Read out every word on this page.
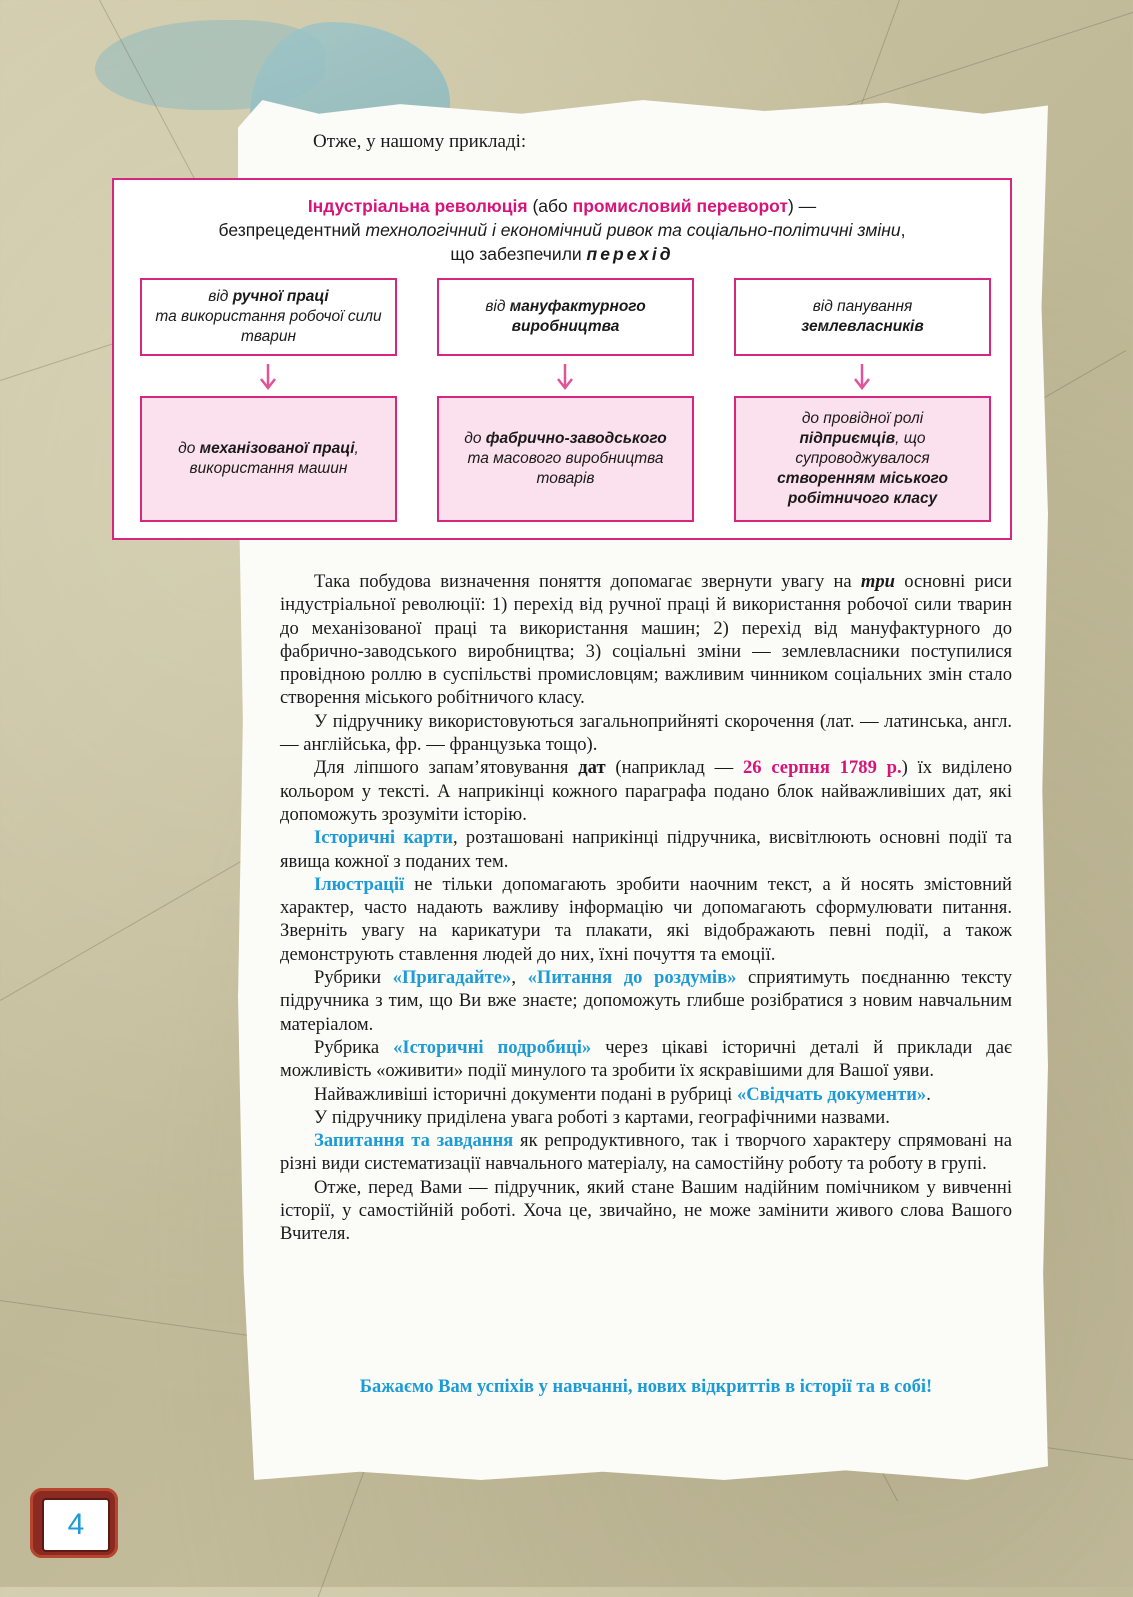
Отже, у нашому прикладі:
Індустріальна революція (або промисловий переворот) —
безпрецедентний технологічний і економічний ривок та соціально-політичні зміни,
що забезпечили перехід
від ручної праці
та використання робочої сили тварин
від мануфактурного виробництва
від панування
землевласників
до механізованої праці, використання машин
до фабрично-заводського
та масового виробництва товарів
до провідної ролі
підприємців, що супроводжувалося
створенням міського робітничого класу

Така побудова визначення поняття допомагає звернути увагу на три основні риси індустріальної революції: 1) перехід від ручної праці й використання робочої сили тварин до механізованої праці та використання машин; 2) перехід від мануфактурного до фабрично-заводського виробництва; 3) соціальні зміни — землевласники поступилися провідною роллю в суспільстві промисловцям; важливим чинником соціальних змін стало створення міського робітничого класу.

У підручнику використовуються загальноприйняті скорочення (лат. — латинська, англ. — англійська, фр. — французька тощо).

Для ліпшого запам’ятовування дат (наприклад — 26 серпня 1789 р.) їх виділено кольором у тексті. А наприкінці кожного параграфа подано блок найважливіших дат, які допоможуть зрозуміти історію.

Історичні карти, розташовані наприкінці підручника, висвітлюють основні події та явища кожної з поданих тем.

Ілюстрації не тільки допомагають зробити наочним текст, а й носять змістовний характер, часто надають важливу інформацію чи допомагають сформулювати питання. Зверніть увагу на карикатури та плакати, які відображають певні події, а також демонструють ставлення людей до них, їхні почуття та емоції.

Рубрики «Пригадайте», «Питання до роздумів» сприятимуть поєднанню тексту підручника з тим, що Ви вже знаєте; допоможуть глибше розібратися з новим навчальним матеріалом.

Рубрика «Історичні подробиці» через цікаві історичні деталі й приклади дає можливість «оживити» події минулого та зробити їх яскравішими для Вашої уяви.

Найважливіші історичні документи подані в рубриці «Свідчать документи».

У підручнику приділена увага роботі з картами, географічними назвами.

Запитання та завдання як репродуктивного, так і творчого характеру спрямовані на різні види систематизації навчального матеріалу, на самостійну роботу та роботу в групі.

Отже, перед Вами — підручник, який стане Вашим надійним помічником у вивченні історії, у самостійній роботі. Хоча це, звичайно, не може замінити живого слова Вашого Вчителя.

Бажаємо Вам успіхів у навчанні, нових відкриттів в історії та в собі!
4
